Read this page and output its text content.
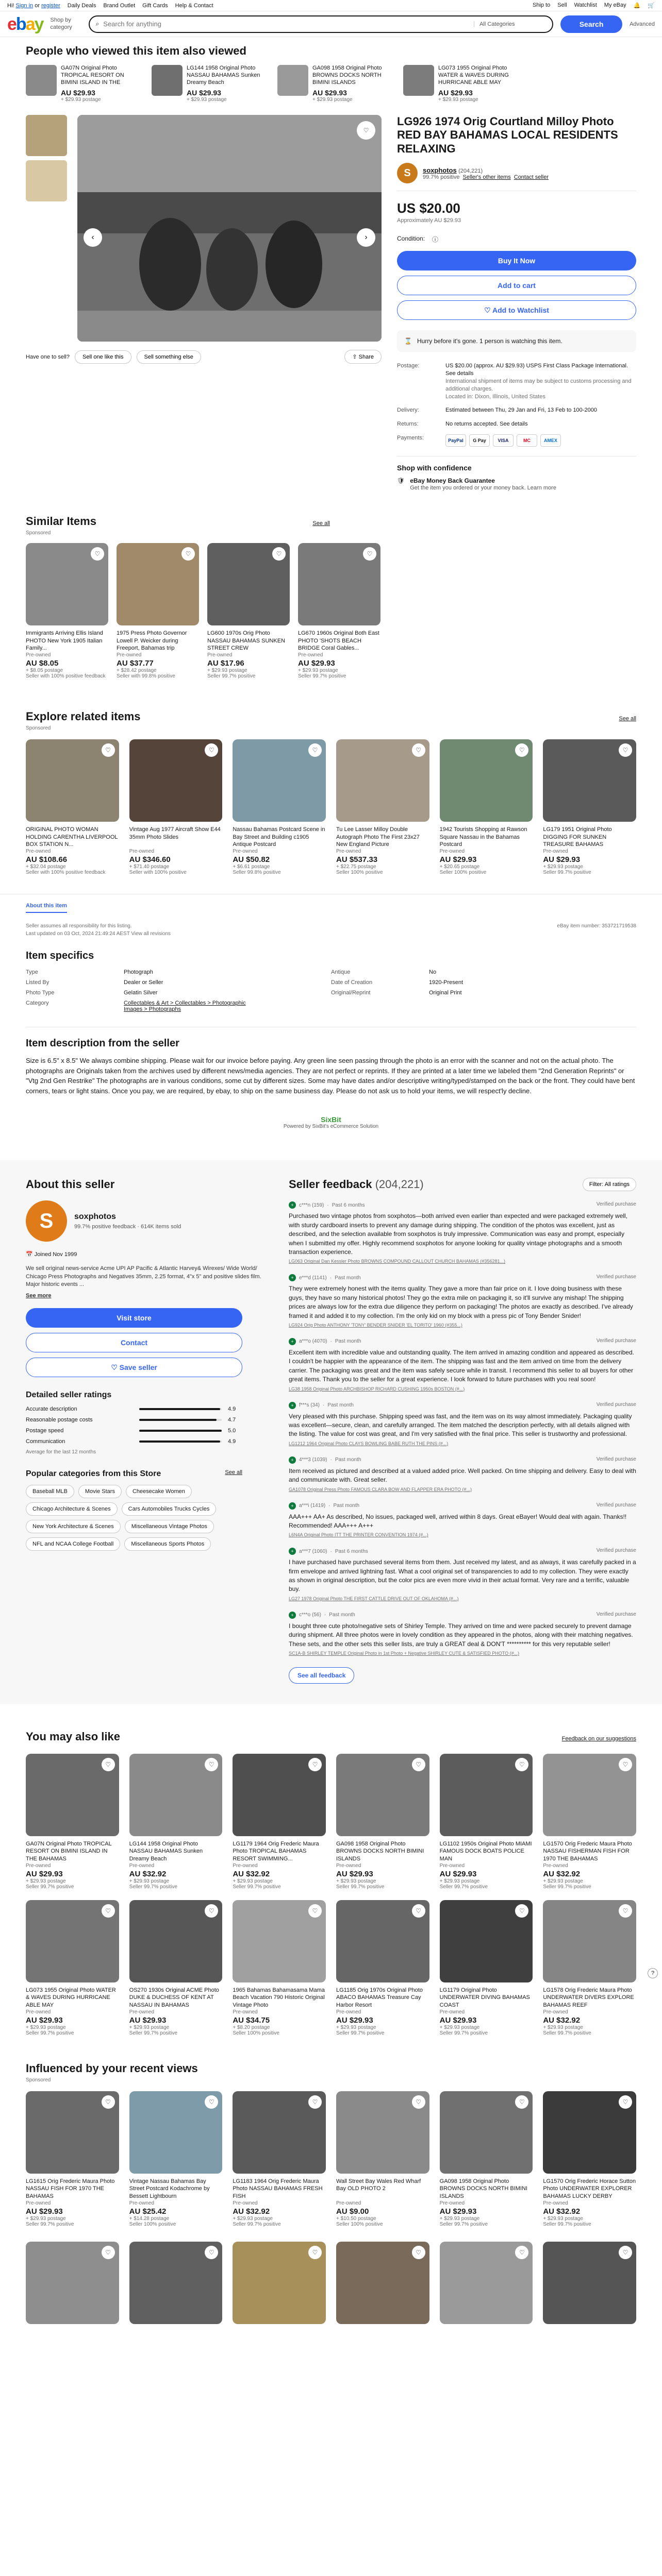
Hi! Sign in or register Daily Deals Brand Outlet Gift Cards Help & Contact	Ship to Sell Watchlist My eBay 🔔 🛒
ebay Shop by category	⌕
Search for anything	All Categories	Search	Advanced
People who viewed this item also viewed
GA07N Original Photo TROPICAL RESORT ON BIMINI ISLAND IN THE
AU $29.93
+ $29.93 postage
LG144 1958 Original Photo NASSAU BAHAMAS Sunken Dreamy Beach
AU $29.93
+ $29.93 postage
GA098 1958 Original Photo BROWNS DOCKS NORTH BIMINI ISLANDS
AU $29.93
+ $29.93 postage
LG073 1955 Original Photo WATER & WAVES DURING HURRICANE ABLE MAY
AU $29.93
+ $29.93 postage
♡
‹	›
Have one to sell?	Sell one like this	Sell something else	⇪ Share
LG926 1974 Orig Courtland Milloy Photo RED BAY BAHAMAS LOCAL RESIDENTS RELAXING
S	soxphotos (204,221)
99.7% positive Seller's other items Contact seller
US $20.00
Approximately AU $29.93
Condition: ⓘ
Buy It Now
Add to cart
♡ Add to Watchlist
⌛ Hurry before it's gone. 1 person is watching this item.
Postage:	US $20.00 (approx. AU $29.93) USPS First Class Package International. See details
International shipment of items may be subject to customs processing and additional charges.
Located in: Dixon, Illinois, United States
Delivery:	Estimated between Thu, 29 Jan and Fri, 13 Feb to 100-2000
Returns:	No returns accepted. See details
Payments:	PayPal	G Pay	VISA	MC	AMEX
Shop with confidence
🛡 eBay Money Back Guarantee
Get the item you ordered or your money back. Learn more
Similar Items	See all
Sponsored
♡
Immigrants Arriving Ellis Island PHOTO New York 1905 Italian Family...
Pre-owned
AU $8.05
+ $8.05 postage
Seller with 100% positive feedback
♡
1975 Press Photo Governor Lowell P. Weicker during Freeport, Bahamas trip
Pre-owned
AU $37.77
+ $28.42 postage
Seller with 99.8% positive
♡
LG600 1970s Orig Photo NASSAU BAHAMAS SUNKEN STREET CREW
Pre-owned
AU $17.96
+ $29.93 postage
Seller 99.7% positive
♡
LG670 1960s Original Both East PHOTO 'SHOTS BEACH BRIDGE Coral Gables...
Pre-owned
AU $29.93
+ $29.93 postage
Seller 99.7% positive
Explore related items	See all
Sponsored
♡
ORIGINAL PHOTO WOMAN HOLDING CARENTHA LIVERPOOL BOX STATION N...
Pre-owned
AU $108.66
+ $32.04 postage
Seller with 100% positive feedback
♡
Vintage Aug 1977 Aircraft Show E44 35mm Photo Slides
Pre-owned
AU $346.60
+ $71.40 postage
Seller with 100% positive
♡
Nassau Bahamas Postcard Scene in Bay Street and Building c1905 Antique Postcard
Pre-owned
AU $50.82
+ $6.61 postage
Seller 99.8% positive
♡
Tu Lee Lasser Milloy Double Autograph Photo The First 23x27 New England Picture
Pre-owned
AU $537.33
+ $22.75 postage
Seller 100% positive
♡
1942 Tourists Shopping at Rawson Square Nassau in the Bahamas Postcard
Pre-owned
AU $29.93
+ $20.65 postage
Seller 100% positive
♡
LG179 1951 Original Photo DIGGING FOR SUNKEN TREASURE BAHAMAS
Pre-owned
AU $29.93
+ $29.93 postage
Seller 99.7% positive
About this item
Seller assumes all responsibility for this listing.
Last updated on 03 Oct, 2024 21:49:24 AEST View all revisions
eBay item number: 353721719538
Item specifics
Type	Photograph	Antique	No
Listed By	Dealer or Seller	Date of Creation	1920-Present
Photo Type	Gelatin Silver	Original/Reprint	Original Print
Category	Collectables & Art > Collectables > Photographic Images > Photographs
Item description from the seller

Size is 6.5" x 8.5" We always combine shipping. Please wait for our invoice before paying. Any green line seen passing through the photo is an error with the scanner and not on the actual photo. The photographs are Originals taken from the archives used by different news/media agencies. They are not perfect or reprints. If they are printed at a later time we labeled them "2nd Generation Reprints" or "Vtg 2nd Gen Restrike" The photographs are in various conditions, some cut by different sizes. Some may have dates and/or descriptive writing/typed/stamped on the back or the front. They could have bent corners, tears or light stains. Once you pay, we are required, by ebay, to ship on the same business day. Please do not ask us to hold your items, we will respect'ly decline.

SixBit
Powered by SixBit's eCommerce Solution
About this seller
S	soxphotos
99.7% positive feedback · 614K items sold
📅 Joined Nov 1999
We sell original news-service Acme UPI AP Pacific & Atlantic Harvey& Wirexes/ Wide World/ Chicago Press Photographs and Negatives 35mm, 2.25 format, 4"x 5" and positive slides film. Major historic events ...
See more
Visit store
Contact
♡ Save seller
Detailed seller ratings
Accurate description	4.9
Reasonable postage costs	4.7
Postage speed	5.0
Communication	4.9
Average for the last 12 months
Popular categories from this Store	See all
Baseball MLB	Movie Stars	Cheesecake Women
Chicago Architecture & Scenes	Cars Automobiles Trucks Cycles
New York Architecture & Scenes	Miscellaneous Vintage Photos
NFL and NCAA College Football	Miscellaneous Sports Photos
Seller feedback (204,221)	Filter: All ratings
+	c***n (159) · Past 6 months	Verified purchase
Purchased two vintage photos from soxphotos—both arrived even earlier than expected and were packaged extremely well, with sturdy cardboard inserts to prevent any damage during shipping. The condition of the photos was excellent, just as described, and the selection available from soxphotos is truly impressive. Communication was easy and prompt, especially when I submitted my offer. Highly recommend soxphotos for anyone looking for quality vintage photographs and a smooth transaction experience.
LG063 Original Dan Kessler Photo BROWNS COMPOUND CALLOUT CHURCH BAHAMAS (#356281...)
+	e***d (1141) · Past month	Verified purchase
They were extremely honest with the items quality. They gave a more than fair price on it. I love doing business with these guys, they have so many historical photos! They go the extra mile on packaging it, so it'll survive any mishap! The shipping prices are always low for the extra due diligence they perform on packaging! The photos are exactly as described. I've already framed it and added it to my collection. I'm the only kid on my block with a press pic of Tony Bender Snider!
LG924 Orig Photo ANTHONY 'TONY' BENDER SNIDER 'EL TORITO' 1960 (#355...)
+	a***o (4070) · Past month	Verified purchase
Excellent item with incredible value and outstanding quality. The item arrived in amazing condition and appeared as described. I couldn't be happier with the appearance of the item. The shipping was fast and the item arrived on time from the delivery carrier. The packaging was great and the item was safely secure while in transit. I recommend this seller to all buyers for other great items. Thank you to the seller for a great experience. I look forward to future purchases with you real soon!
LG38 1958 Original Photo ARCHBISHOP RICHARD CUSHING 1950s BOSTON (#...)
+	f***s (34) · Past month	Verified purchase
Very pleased with this purchase. Shipping speed was fast, and the item was on its way almost immediately. Packaging quality was excellent—secure, clean, and carefully arranged. The item matched the description perfectly, with all details aligned with the listing. The value for cost was great, and I'm very satisfied with the final price. This seller is trustworthy and professional.
LG1212 1964 Original Photo CLAYS BOWLING BABE RUTH THE PINS (#...)
+	4***3 (1039) · Past month	Verified purchase
Item received as pictured and described at a valued added price. Well packed. On time shipping and delivery. Easy to deal with and communicate with. Great seller.
GA1078 Original Press Photo FAMOUS CLARA BOW AND FLAPPER ERA PHOTO (#...)
+	a***i (1419) · Past month	Verified purchase
AAA+++ AA+ As described, No issues, packaged well, arrived within 8 days. Great eBayer! Would deal with again. Thanks!! Recommended! AAA+++ A+++
L6N4A Original Photo ITT THE PRINTER CONVENTION 1974 (#...)
+	a***7 (1060) · Past 6 months	Verified purchase
I have purchased have purchased several items from them. Just received my latest, and as always, it was carefully packed in a firm envelope and arrived lightning fast. What a cool original set of transparencies to add to my collection. They were exactly as shown in original description, but the color pics are even more vivid in their actual format. Very rare and a terrific, valuable buy.
LG27 1978 Original Photo THE FIRST CATTLE DRIVE OUT OF OKLAHOMA (#...)
+	c***o (56) · Past month	Verified purchase
I bought three cute photo/negative sets of Shirley Temple. They arrived on time and were packed securely to prevent damage during shipment. All three photos were in lovely condition as they appeared in the photos, along with their matching negatives. These sets, and the other sets this seller lists, are truly a GREAT deal & DON'T ********** for this very reputable seller!
SC1A-B SHIRLEY TEMPLE Original Photo in 1st Photo + Negative SHIRLEY CUTE & SATISFIED PHOTO (#...)
See all feedback
You may also like	Feedback on our suggestions
♡
GA07N Original Photo TROPICAL RESORT ON BIMINI ISLAND IN THE BAHAMAS
Pre-owned
AU $29.93
+ $29.93 postage
Seller 99.7% positive
♡
LG144 1958 Original Photo NASSAU BAHAMAS Sunken Dreamy Beach
Pre-owned
AU $32.92
+ $29.93 postage
Seller 99.7% positive
♡
LG1179 1964 Orig Frederic Maura Photo TROPICAL BAHAMAS RESORT SWIMMING...
Pre-owned
AU $32.92
+ $29.93 postage
Seller 99.7% positive
♡
GA098 1958 Original Photo BROWNS DOCKS NORTH BIMINI ISLANDS
Pre-owned
AU $29.93
+ $29.93 postage
Seller 99.7% positive
♡
LG1102 1950s Original Photo MIAMI FAMOUS DOCK BOATS POLICE MAN
Pre-owned
AU $29.93
+ $29.93 postage
Seller 99.7% positive
♡
LG1570 Orig Frederic Maura Photo NASSAU FISHERMAN FISH FOR 1970 THE BAHAMAS
Pre-owned
AU $32.92
+ $29.93 postage
Seller 99.7% positive
♡
LG073 1955 Original Photo WATER & WAVES DURING HURRICANE ABLE MAY
Pre-owned
AU $29.93
+ $29.93 postage
Seller 99.7% positive
♡
OS270 1930s Original ACME Photo DUKE & DUCHESS OF KENT AT NASSAU IN BAHAMAS
Pre-owned
AU $29.93
+ $29.93 postage
Seller 99.7% positive
♡
1965 Bahamas Bahamasama Mama Beach Vacation 790 Historic Original Vintage Photo
Pre-owned
AU $34.75
+ $8.20 postage
Seller 100% positive
♡
LG1185 Orig 1970s Original Photo ABACO BAHAMAS Treasure Cay Harbor Resort
Pre-owned
AU $29.93
+ $29.93 postage
Seller 99.7% positive
♡
LG1179 Original Photo UNDERWATER DIVING BAHAMAS COAST
Pre-owned
AU $29.93
+ $29.93 postage
Seller 99.7% positive
♡
LG1578 Orig Frederic Maura Photo UNDERWATER DIVERS EXPLORE BAHAMAS REEF
Pre-owned
AU $32.92
+ $29.93 postage
Seller 99.7% positive
Influenced by your recent views
Sponsored
♡
LG1615 Orig Frederic Maura Photo NASSAU FISH FOR 1970 THE BAHAMAS
Pre-owned
AU $29.93
+ $29.93 postage
Seller 99.7% positive
♡
Vintage Nassau Bahamas Bay Street Postcard Kodachrome by Bessett Lightbourn
Pre-owned
AU $25.42
+ $14.28 postage
Seller 100% positive
♡
LG1183 1964 Orig Frederic Maura Photo NASSAU BAHAMAS FRESH FISH
Pre-owned
AU $32.92
+ $29.93 postage
Seller 99.7% positive
♡
Wall Street Bay Wales Red Wharf Bay OLD PHOTO 2
Pre-owned
AU $9.00
+ $10.50 postage
Seller 100% positive
♡
GA098 1958 Original Photo BROWNS DOCKS NORTH BIMINI ISLANDS
Pre-owned
AU $29.93
+ $29.93 postage
Seller 99.7% positive
♡
LG1570 Orig Frederic Horace Sutton Photo UNDERWATER EXPLORER BAHAMAS LUCKY DERBY
Pre-owned
AU $32.92
+ $29.93 postage
Seller 99.7% positive
♡	♡	♡	♡	♡	♡
?
